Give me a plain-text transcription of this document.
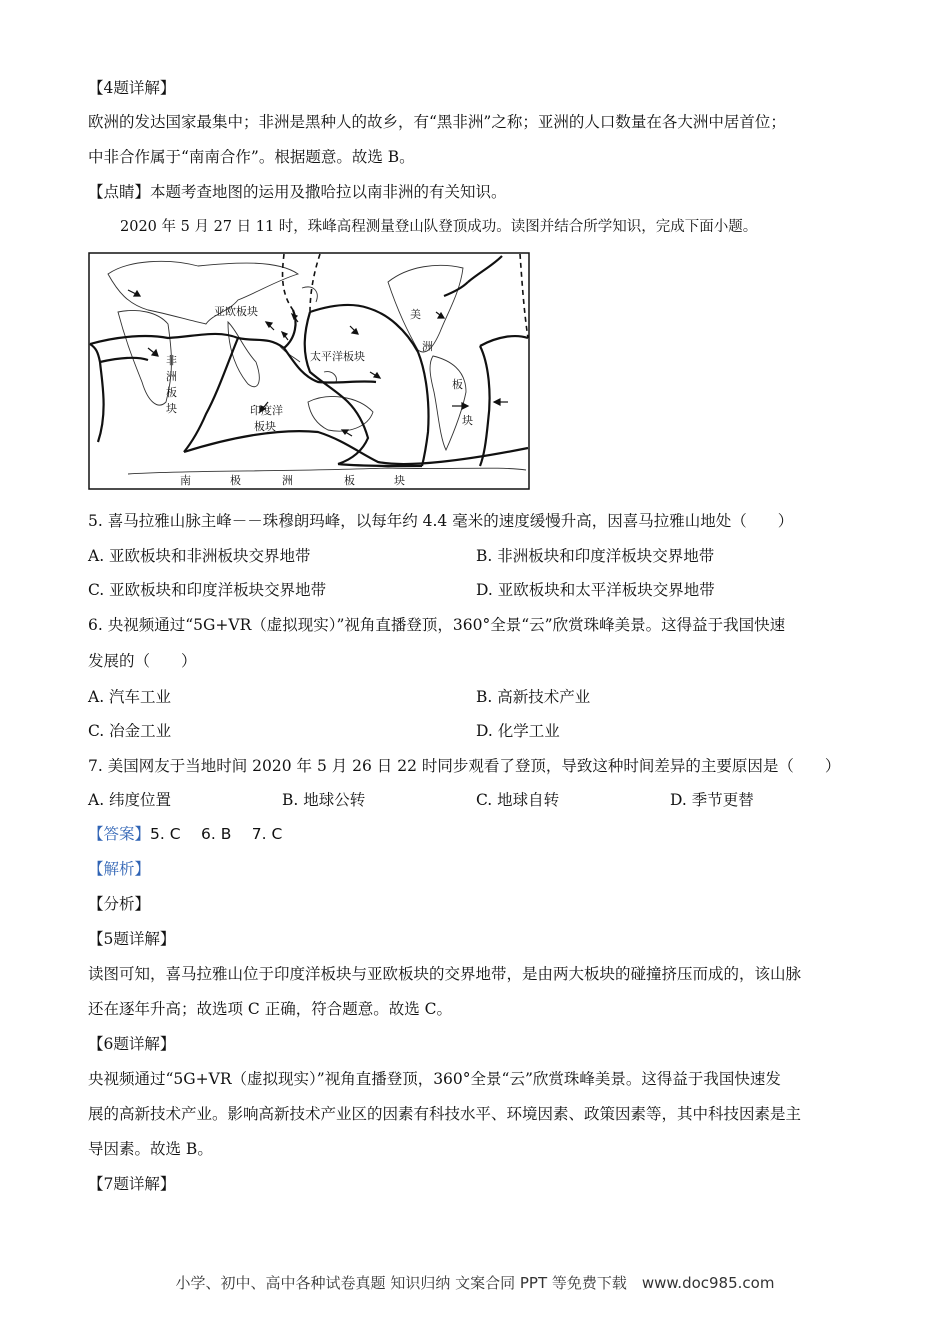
【4题详解】
欧洲的发达国家最集中；非洲是黑种人的故乡，有“黑非洲”之称；亚洲的人口数量在各大洲中居首位；
中非合作属于“南南合作”。根据题意。故选 B。
【点睛】本题考查地图的运用及撒哈拉以南非洲的有关知识。
2020 年 5 月 27 日 11 时，珠峰高程测量登山队登顶成功。读图并结合所学知识，完成下面小题。
亚欧板块
非
洲
板
块
太平洋板块
印度洋
板块
美
洲
板
块
南	极	洲	板	块
5. 喜马拉雅山脉主峰－－珠穆朗玛峰，以每年约 4.4 毫米的速度缓慢升高，因喜马拉雅山地处（　　）
A. 亚欧板块和非洲板块交界地带	B. 非洲板块和印度洋板块交界地带
C. 亚欧板块和印度洋板块交界地带	D. 亚欧板块和太平洋板块交界地带
6. 央视频通过“5G+VR（虚拟现实）”视角直播登顶，360°全景“云”欣赏珠峰美景。这得益于我国快速
发展的（　　）
A. 汽车工业	B. 高新技术产业
C. 冶金工业	D. 化学工业
7. 美国网友于当地时间 2020 年 5 月 26 日 22 时同步观看了登顶，导致这种时间差异的主要原因是（　　）
A. 纬度位置	B. 地球公转	C. 地球自转	D. 季节更替
【答案】5. C　 6. B　 7. C
【解析】
【分析】
【5题详解】
读图可知，喜马拉雅山位于印度洋板块与亚欧板块的交界地带，是由两大板块的碰撞挤压而成的，该山脉
还在逐年升高；故选项 C 正确，符合题意。故选 C。
【6题详解】
央视频通过“5G+VR（虚拟现实）”视角直播登顶，360°全景“云”欣赏珠峰美景。这得益于我国快速发
展的高新技术产业。影响高新技术产业区的因素有科技水平、环境因素、政策因素等，其中科技因素是主
导因素。故选 B。
【7题详解】
小学、初中、高中各种试卷真题 知识归纳 文案合同 PPT 等免费下载　www.doc985.com
